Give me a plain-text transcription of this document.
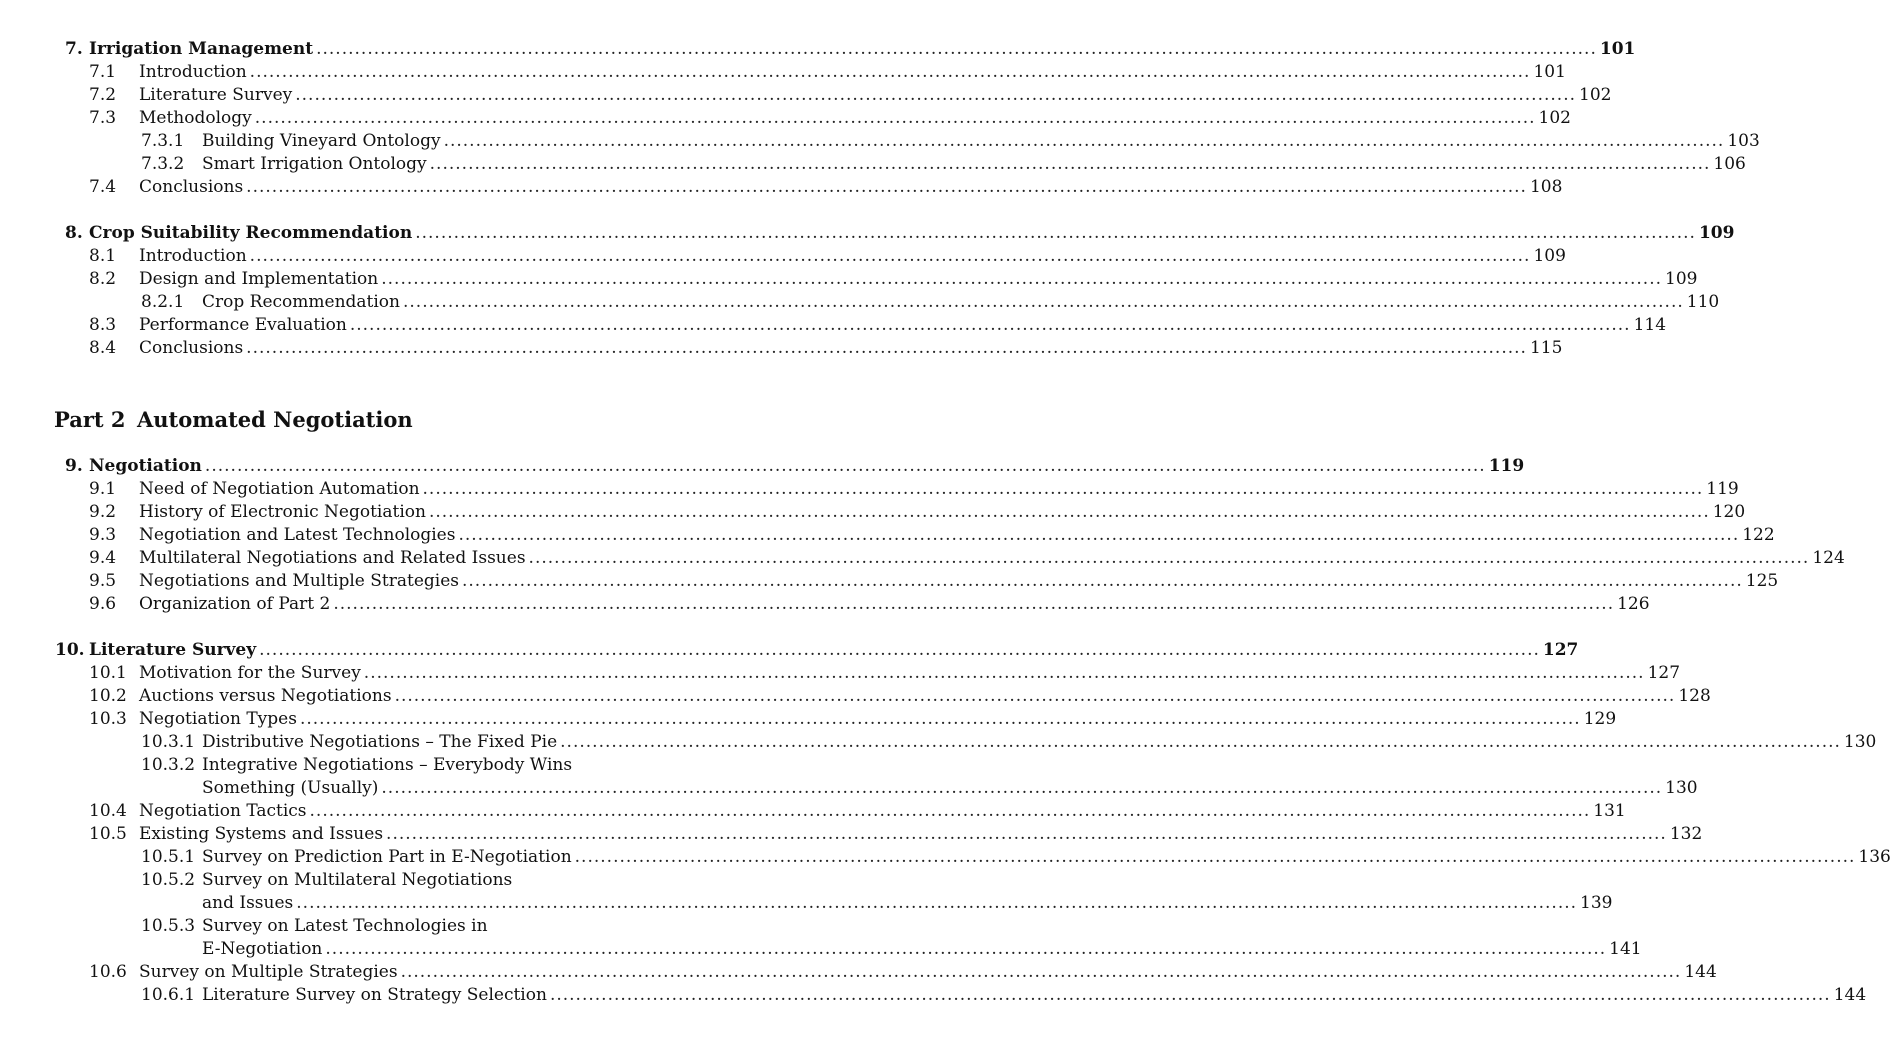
7. Irrigation Management ........................................................................................................................................................................................................ 101
7.1 Introduction ........................................................................................................................................................................................................ 101
7.2 Literature Survey ........................................................................................................................................................................................................ 102
7.3 Methodology ........................................................................................................................................................................................................ 102
7.3.1 Building Vineyard Ontology ........................................................................................................................................................................................................ 103
7.3.2 Smart Irrigation Ontology ........................................................................................................................................................................................................ 106
7.4 Conclusions ........................................................................................................................................................................................................ 108
8. Crop Suitability Recommendation ........................................................................................................................................................................................................ 109
8.1 Introduction ........................................................................................................................................................................................................ 109
8.2 Design and Implementation ........................................................................................................................................................................................................ 109
8.2.1 Crop Recommendation ........................................................................................................................................................................................................ 110
8.3 Performance Evaluation ........................................................................................................................................................................................................ 114
8.4 Conclusions ........................................................................................................................................................................................................ 115
Part 2 Automated Negotiation
9. Negotiation ........................................................................................................................................................................................................ 119
9.1 Need of Negotiation Automation ........................................................................................................................................................................................................ 119
9.2 History of Electronic Negotiation ........................................................................................................................................................................................................ 120
9.3 Negotiation and Latest Technologies ........................................................................................................................................................................................................ 122
9.4 Multilateral Negotiations and Related Issues ........................................................................................................................................................................................................ 124
9.5 Negotiations and Multiple Strategies ........................................................................................................................................................................................................ 125
9.6 Organization of Part 2 ........................................................................................................................................................................................................ 126
10. Literature Survey ........................................................................................................................................................................................................ 127
10.1 Motivation for the Survey ........................................................................................................................................................................................................ 127
10.2 Auctions versus Negotiations ........................................................................................................................................................................................................ 128
10.3 Negotiation Types ........................................................................................................................................................................................................ 129
10.3.1 Distributive Negotiations – The Fixed Pie ........................................................................................................................................................................................................ 130
10.3.2 Integrative Negotiations – Everybody Wins
Something (Usually) ........................................................................................................................................................................................................ 130
10.4 Negotiation Tactics ........................................................................................................................................................................................................ 131
10.5 Existing Systems and Issues ........................................................................................................................................................................................................ 132
10.5.1 Survey on Prediction Part in E-Negotiation ........................................................................................................................................................................................................ 136
10.5.2 Survey on Multilateral Negotiations
and Issues ........................................................................................................................................................................................................ 139
10.5.3 Survey on Latest Technologies in
E-Negotiation ........................................................................................................................................................................................................ 141
10.6 Survey on Multiple Strategies ........................................................................................................................................................................................................ 144
10.6.1 Literature Survey on Strategy Selection ........................................................................................................................................................................................................ 144
